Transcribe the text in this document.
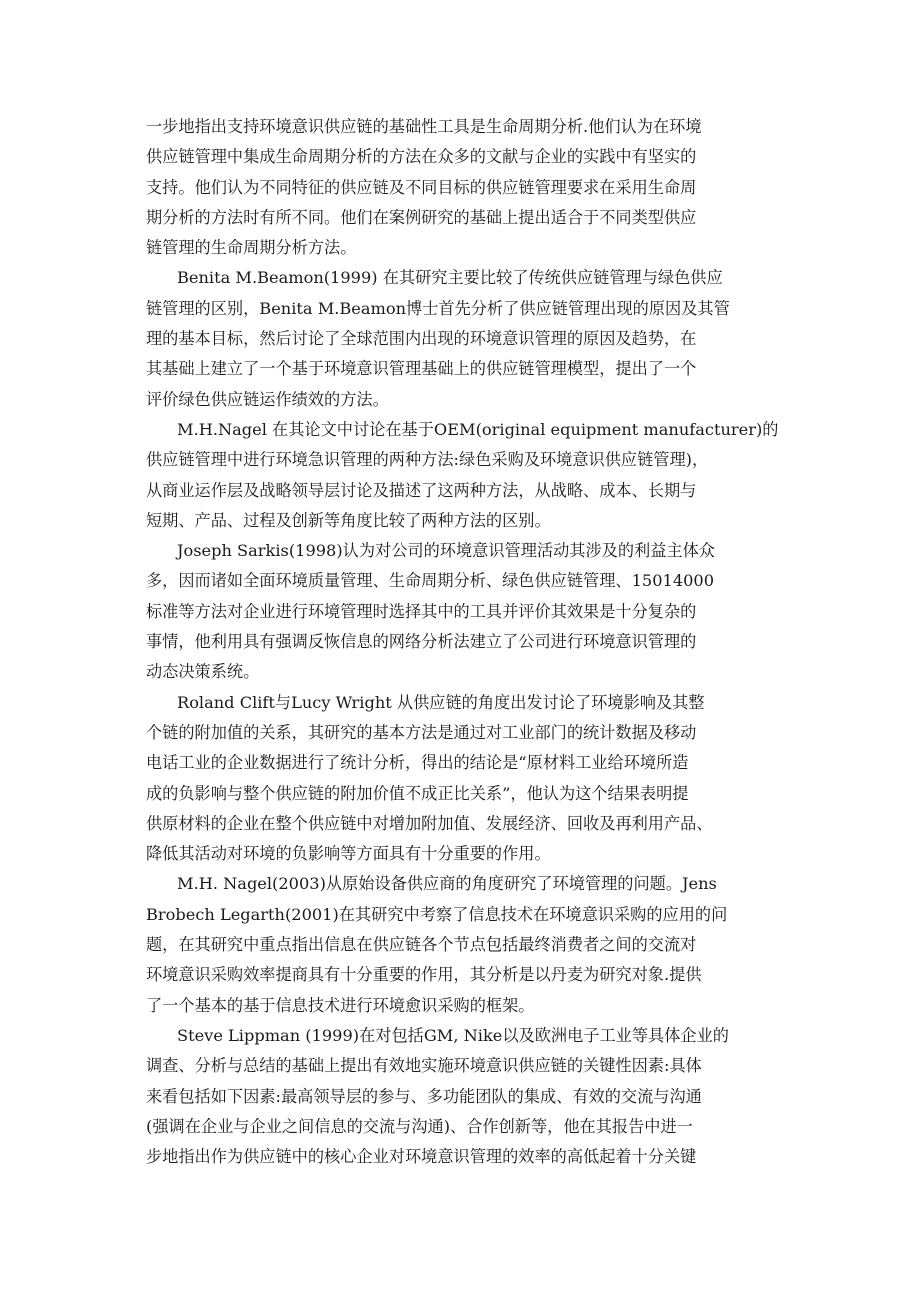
一步地指出支持环境意识供应链的基础性工具是生命周期分析.他们认为在环境
供应链管理中集成生命周期分析的方法在众多的文献与企业的实践中有坚实的
支持。他们认为不同特征的供应链及不同目标的供应链管理要求在采用生命周
期分析的方法时有所不同。他们在案例研究的基础上提出适合于不同类型供应
链管理的生命周期分析方法。
Benita M.Beamon(1999) 在其研究主要比较了传统供应链管理与绿色供应
链管理的区别，Benita M.Beamon博士首先分析了供应链管理出现的原因及其管
理的基本目标，然后讨论了全球范围内出现的环境意识管理的原因及趋势，在
其基础上建立了一个基于环境意识管理基础上的供应链管理模型，提出了一个
评价绿色供应链运作绩效的方法。
M.H.Nagel 在其论文中讨论在基于OEM(original equipment manufacturer)的
供应链管理中进行环境急识管理的两种方法:绿色采购及环境意识供应链管理)，
从商业运作层及战略领导层讨论及描述了这两种方法，从战略、成本、长期与
短期、产品、过程及创新等角度比较了两种方法的区别。
Joseph Sarkis(1998)认为对公司的环境意识管理活动其涉及的利益主体众
多，因而诸如全面环境质量管理、生命周期分析、绿色供应链管理、15014000
标准等方法对企业进行环境管理时选择其中的工具并评价其效果是十分复杂的
事情，他利用具有强调反恢信息的网络分析法建立了公司进行环境意识管理的
动态决策系统。
Roland Clift与Lucy Wright 从供应链的角度出发讨论了环境影响及其整
个链的附加值的关系，其研究的基本方法是通过对工业部门的统计数据及移动
电话工业的企业数据进行了统计分析，得出的结论是“原材料工业给环境所造
成的负影响与整个供应链的附加价值不成正比关系”，他认为这个结果表明提
供原材料的企业在整个供应链中对增加附加值、发展经济、回收及再利用产品、
降低其活动对环境的负影响等方面具有十分重要的作用。
M.H. Nagel(2003)从原始设备供应商的角度研究了环境管理的问题。Jens
Brobech Legarth(2001)在其研究中考察了信息技术在环境意识采购的应用的问
题，在其研究中重点指出信息在供应链各个节点包括最终消费者之间的交流对
环境意识采购效率提商具有十分重要的作用，其分析是以丹麦为研究对象.提供
了一个基本的基于信息技术进行环境愈识采购的框架。
Steve Lippman (1999)在对包括GM, Nike以及欧洲电子工业等具体企业的
调查、分析与总结的基础上提出有效地实施环境意识供应链的关键性因素:具体
来看包括如下因素:最高领导层的参与、多功能团队的集成、有效的交流与沟通
(强调在企业与企业之间信息的交流与沟通)、合作创新等，他在其报告中进一
步地指出作为供应链中的核心企业对环境意识管理的效率的高低起着十分关键
